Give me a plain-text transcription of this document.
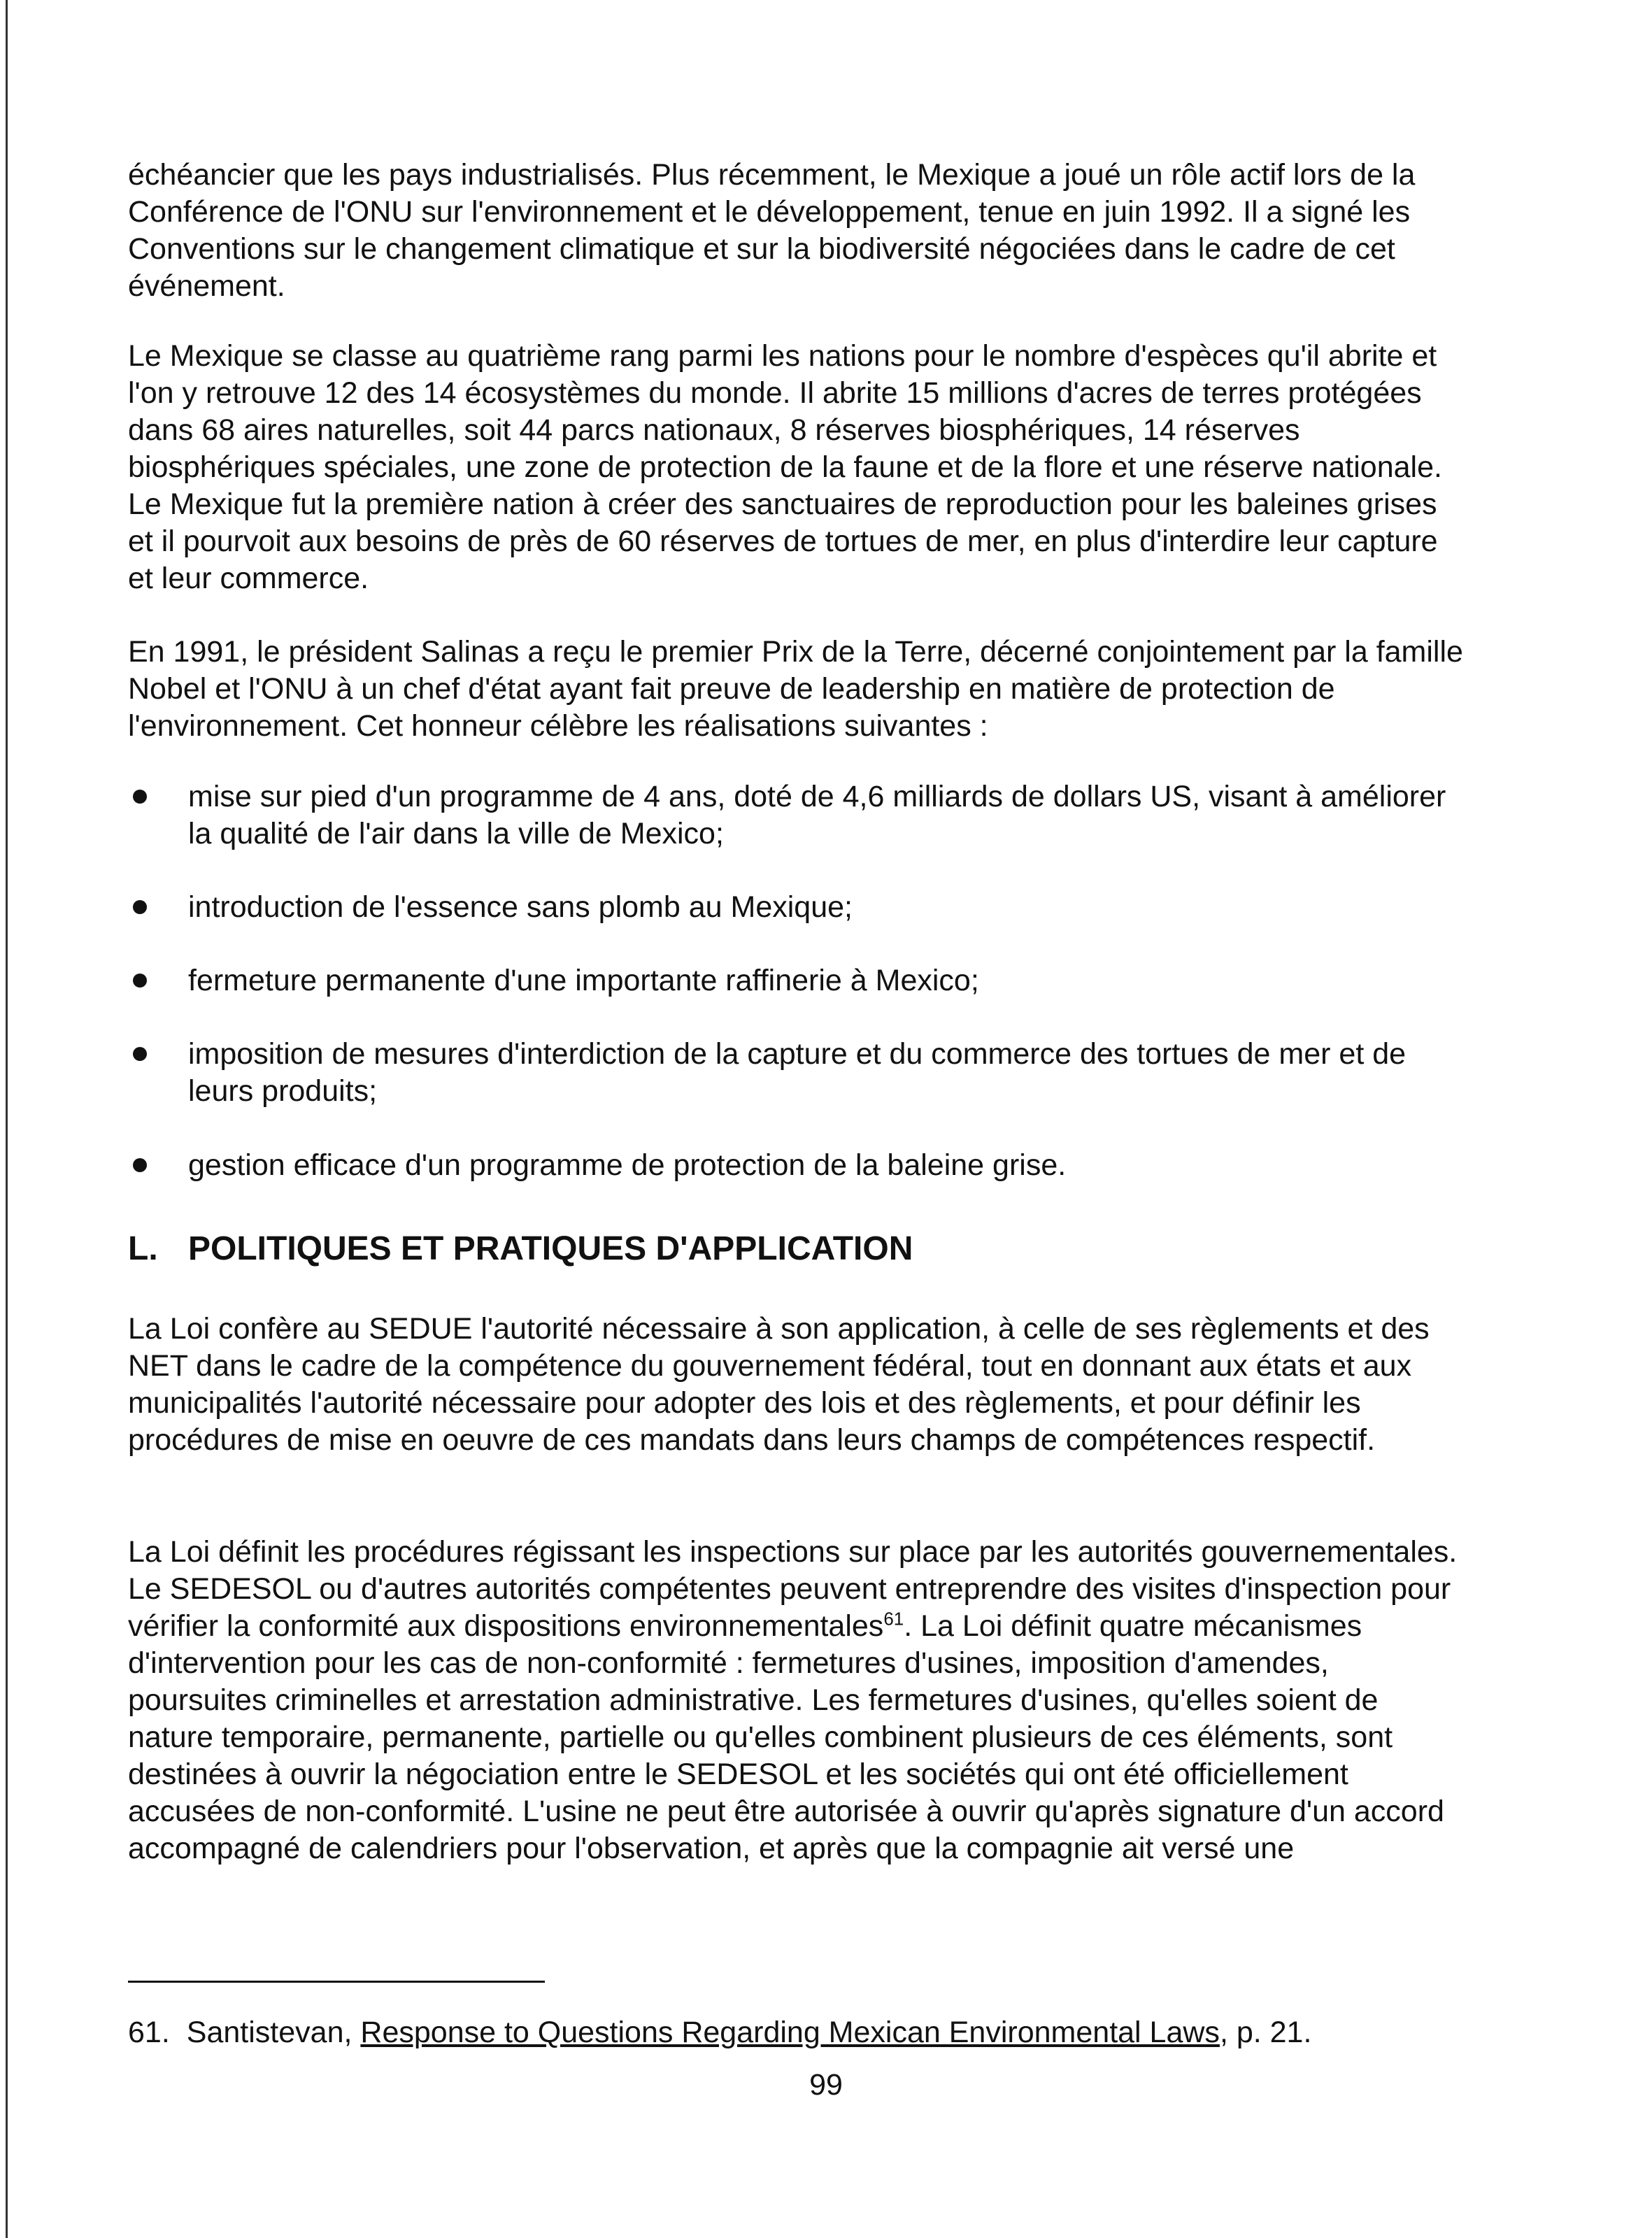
échéancier que les pays industrialisés. Plus récemment, le Mexique a joué un rôle actif lors de la Conférence de l'ONU sur l'environnement et le développement, tenue en juin 1992. Il a signé les Conventions sur le changement climatique et sur la biodiversité négociées dans le cadre de cet événement.

Le Mexique se classe au quatrième rang parmi les nations pour le nombre d'espèces qu'il abrite et l'on y retrouve 12 des 14 écosystèmes du monde. Il abrite 15 millions d'acres de terres protégées dans 68 aires naturelles, soit 44 parcs nationaux, 8 réserves biosphériques, 14 réserves biosphériques spéciales, une zone de protection de la faune et de la flore et une réserve nationale. Le Mexique fut la première nation à créer des sanctuaires de reproduction pour les baleines grises et il pourvoit aux besoins de près de 60 réserves de tortues de mer, en plus d'interdire leur capture et leur commerce.

En 1991, le président Salinas a reçu le premier Prix de la Terre, décerné conjointement par la famille Nobel et l'ONU à un chef d'état ayant fait preuve de leadership en matière de protection de l'environnement. Cet honneur célèbre les réalisations suivantes :

mise sur pied d'un programme de 4 ans, doté de 4,6 milliards de dollars US, visant à améliorer la qualité de l'air dans la ville de Mexico;
introduction de l'essence sans plomb au Mexique;
fermeture permanente d'une importante raffinerie à Mexico;
imposition de mesures d'interdiction de la capture et du commerce des tortues de mer et de leurs produits;
gestion efficace d'un programme de protection de la baleine grise.
L. POLITIQUES ET PRATIQUES D'APPLICATION

La Loi confère au SEDUE l'autorité nécessaire à son application, à celle de ses règlements et des NET dans le cadre de la compétence du gouvernement fédéral, tout en donnant aux états et aux municipalités l'autorité nécessaire pour adopter des lois et des règlements, et pour définir les procédures de mise en oeuvre de ces mandats dans leurs champs de compétences respectif.

La Loi définit les procédures régissant les inspections sur place par les autorités gouvernementales. Le SEDESOL ou d'autres autorités compétentes peuvent entreprendre des visites d'inspection pour vérifier la conformité aux dispositions environnementales$^{61}$. La Loi définit quatre mécanismes d'intervention pour les cas de non-conformité : fermetures d'usines, imposition d'amendes, poursuites criminelles et arrestation administrative. Les fermetures d'usines, qu'elles soient de nature temporaire, permanente, partielle ou qu'elles combinent plusieurs de ces éléments, sont destinées à ouvrir la négociation entre le SEDESOL et les sociétés qui ont été officiellement accusées de non-conformité. L'usine ne peut être autorisée à ouvrir qu'après signature d'un accord accompagné de calendriers pour l'observation, et après que la compagnie ait versé une

61. Santistevan, Response to Questions Regarding Mexican Environmental Laws, p. 21.

99
